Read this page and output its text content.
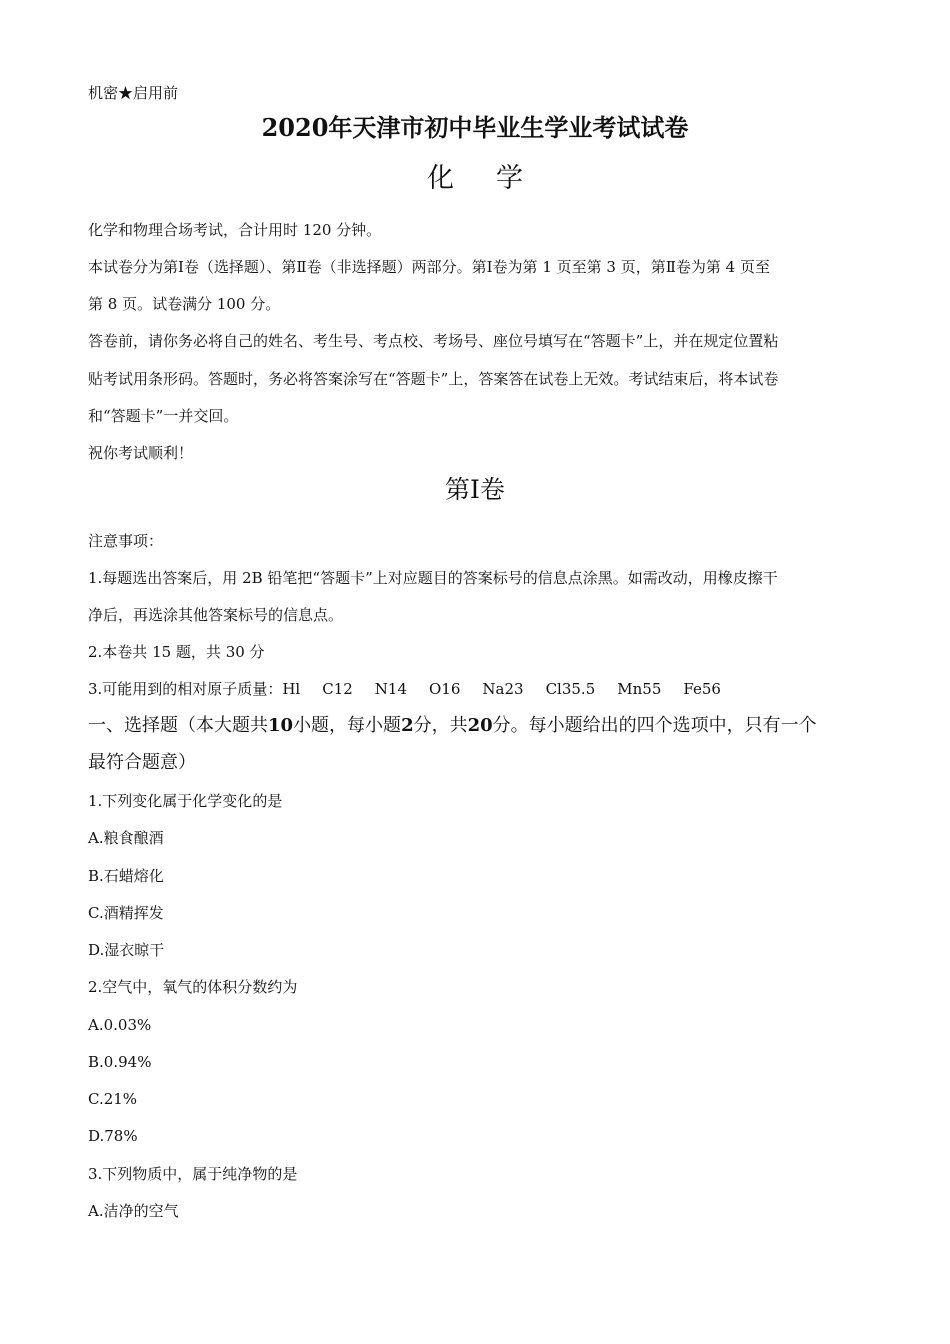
机密★启用前
2020年天津市初中毕业生学业考试试卷
化学
化学和物理合场考试，合计用时 120 分钟。
本试卷分为第Ⅰ卷（选择题）、第Ⅱ卷（非选择题）两部分。第Ⅰ卷为第 1 页至第 3 页，第Ⅱ卷为第 4 页至
第 8 页。试卷满分 100 分。
答卷前，请你务必将自己的姓名、考生号、考点校、考场号、座位号填写在“答题卡”上，并在规定位置粘
贴考试用条形码。答题时，务必将答案涂写在“答题卡”上，答案答在试卷上无效。考试结束后，将本试卷
和“答题卡”一并交回。
祝你考试顺利！
第Ⅰ卷
注意事项：
1.每题选出答案后，用 2B 铅笔把“答题卡”上对应题目的答案标号的信息点涂黑。如需改动，用橡皮擦干
净后，再选涂其他答案标号的信息点。
2.本卷共 15 题，共 30 分
3.可能用到的相对原子质量：Hl C12 N14 O16 Na23 Cl35.5 Mn55 Fe56
一、选择题（本大题共10小题，每小题2分，共20分。每小题给出的四个选项中，只有一个
最符合题意）
1.下列变化属于化学变化的是
A.粮食酿酒
B.石蜡熔化
C.酒精挥发
D.湿衣晾干
2.空气中，氧气的体积分数约为
A.0.03%
B.0.94%
C.21%
D.78%
3.下列物质中，属于纯净物的是
A.洁净的空气
